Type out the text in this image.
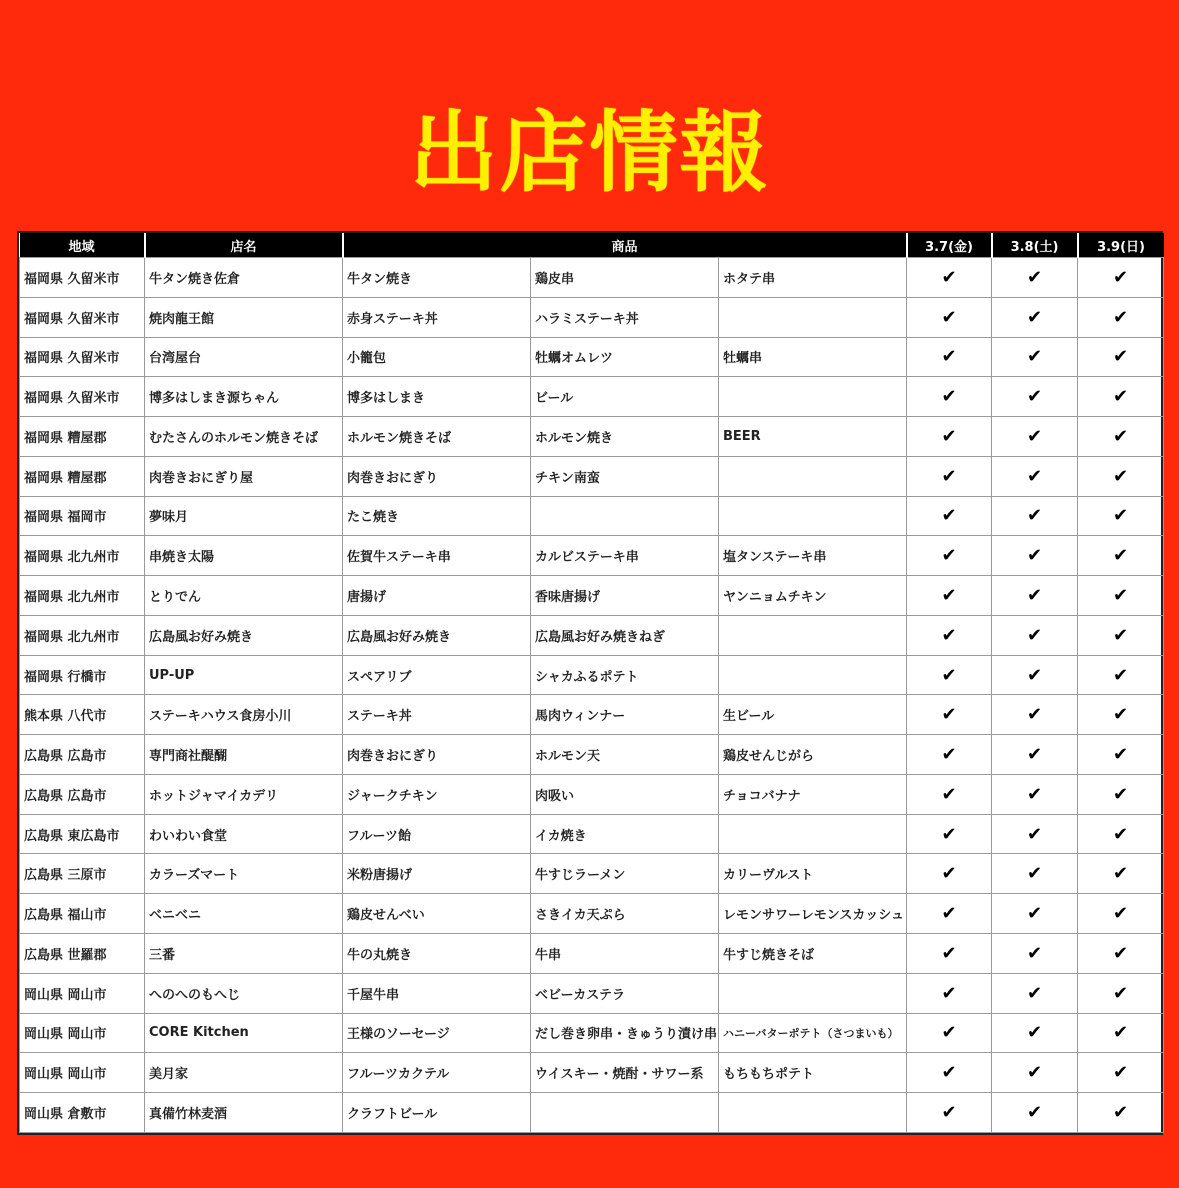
出店情報
地域	店名	商品			3.7(金)	3.8(土)	3.9(日)
福岡県 久留米市	牛タン焼き佐倉	牛タン焼き	鶏皮串	ホタテ串	✔	✔	✔
福岡県 久留米市	焼肉龍王館	赤身ステーキ丼	ハラミステーキ丼		✔	✔	✔
福岡県 久留米市	台湾屋台	小籠包	牡蠣オムレツ	牡蠣串	✔	✔	✔
福岡県 久留米市	博多はしまき源ちゃん	博多はしまき	ビール		✔	✔	✔
福岡県 糟屋郡	むたさんのホルモン焼きそば	ホルモン焼きそば	ホルモン焼き	BEER	✔	✔	✔
福岡県 糟屋郡	肉巻きおにぎり屋	肉巻きおにぎり	チキン南蛮		✔	✔	✔
福岡県 福岡市	夢味月	たこ焼き			✔	✔	✔
福岡県 北九州市	串焼き太陽	佐賀牛ステーキ串	カルビステーキ串	塩タンステーキ串	✔	✔	✔
福岡県 北九州市	とりでん	唐揚げ	香味唐揚げ	ヤンニョムチキン	✔	✔	✔
福岡県 北九州市	広島風お好み焼き	広島風お好み焼き	広島風お好み焼きねぎ		✔	✔	✔
福岡県 行橋市	UP-UP	スペアリブ	シャカふるポテト		✔	✔	✔
熊本県 八代市	ステーキハウス食房小川	ステーキ丼	馬肉ウィンナー	生ビール	✔	✔	✔
広島県 広島市	専門商社醍醐	肉巻きおにぎり	ホルモン天	鶏皮せんじがら	✔	✔	✔
広島県 広島市	ホットジャマイカデリ	ジャークチキン	肉吸い	チョコバナナ	✔	✔	✔
広島県 東広島市	わいわい食堂	フルーツ飴	イカ焼き		✔	✔	✔
広島県 三原市	カラーズマート	米粉唐揚げ	牛すじラーメン	カリーヴルスト	✔	✔	✔
広島県 福山市	ベニベニ	鶏皮せんべい	さきイカ天ぷら	レモンサワーレモンスカッシュ	✔	✔	✔
広島県 世羅郡	三番	牛の丸焼き	牛串	牛すじ焼きそば	✔	✔	✔
岡山県 岡山市	へのへのもへじ	千屋牛串	ベビーカステラ		✔	✔	✔
岡山県 岡山市	CORE Kitchen	王様のソーセージ	だし巻き卵串・きゅうり漬け串	ハニーバターポテト（さつまいも）	✔	✔	✔
岡山県 岡山市	美月家	フルーツカクテル	ウイスキー・焼酎・サワー系	もちもちポテト	✔	✔	✔
岡山県 倉敷市	真備竹林麦酒	クラフトビール			✔	✔	✔
